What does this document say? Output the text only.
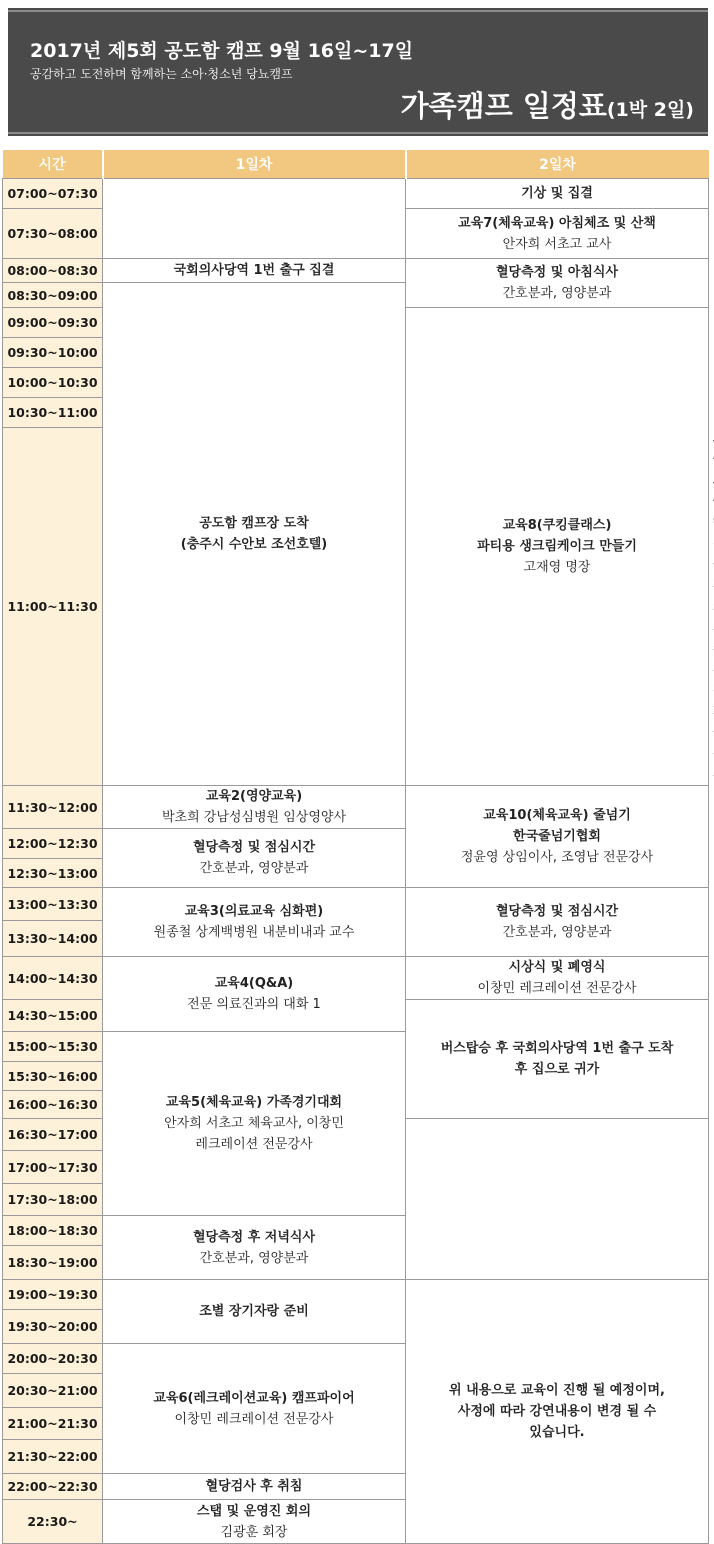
2017년 제5회 공도함 캠프 9월 16일~17일
공감하고 도전하며 함께하는 소아·청소년 당뇨캠프
가족캠프 일정표(1박 2일)
시간	1일차	2일차	
07:00~07:30		기상 및 집결	

07:30~08:00		교육7(체육교육) 아침체조 및 산책
안자희 서초고 교사	

08:00~08:30	국회의사당역 1번 출구 집결	혈당측정 및 아침식사
간호분과, 영양분과	

08:30~09:00	공도함 캠프장 도착
(충주시 수안보 조선호텔)		

09:00~09:30		교육8(쿠킹클래스)
파티용 생크림케이크 만들기
고재영 명장	

09:30~10:00			
10:00~10:30			
10:30~11:00			
11:00~11:30	

11:30~12:00	교육2(영양교육)
박초희 강남성심병원 임상영양사	교육10(체육교육) 줄넘기
한국줄넘기협회
정윤영 상임이사, 조영남 전문강사	

12:00~12:30	혈당측정 및 점심시간
간호분과, 영양분과		

12:30~13:00			
13:00~13:30	교육3(의료교육 심화편)
원종철 상계백병원 내분비내과 교수	혈당측정 및 점심시간
간호분과, 영양분과	

13:30~14:00			
14:00~14:30	교육4(Q&A)
전문 의료진과의 대화 1	시상식 및 폐영식
이창민 레크레이션 전문강사	

14:30~15:00		버스탑승 후 국회의사당역 1번 출구 도착
후 집으로 귀가	

15:00~15:30	교육5(체육교육) 가족경기대회
안자희 서초고 체육교사, 이창민
레크레이션 전문강사		

15:30~16:00			
16:00~16:30			
16:30~17:00			
17:00~17:30			
17:30~18:00			
18:00~18:30	혈당측정 후 저녁식사
간호분과, 영양분과		

18:30~19:00			
19:00~19:30	조별 장기자랑 준비	위 내용으로 교육이 진행 될 예정이며,
사정에 따라 강연내용이 변경 될 수
있습니다.	

19:30~20:00			
20:00~20:30	교육6(레크레이션교육) 캠프파이어
이창민 레크레이션 전문강사		

20:30~21:00			
21:00~21:30			
21:30~22:00			
22:00~22:30	혈당검사 후 취침		

22:30~	스탭 및 운영진 회의
김광훈 회장		
